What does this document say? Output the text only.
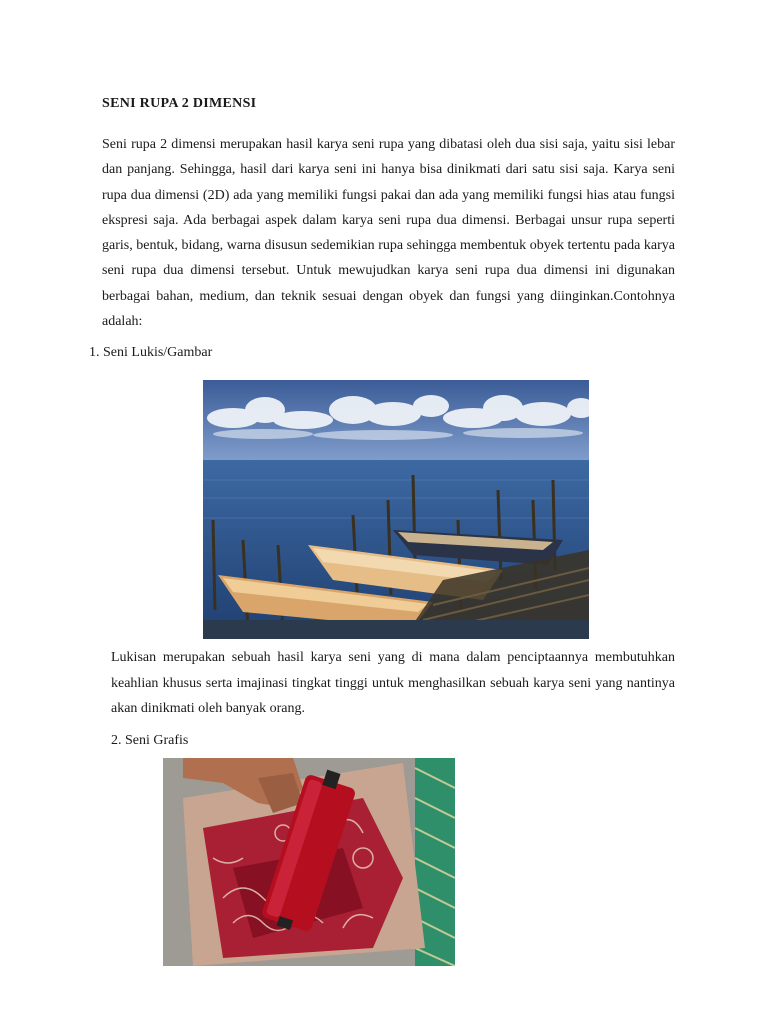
SENI RUPA 2 DIMENSI

Seni rupa 2 dimensi merupakan hasil karya seni rupa yang dibatasi oleh dua sisi saja, yaitu sisi lebar dan panjang. Sehingga, hasil dari karya seni ini hanya bisa dinikmati dari satu sisi saja. Karya seni rupa dua dimensi (2D) ada yang memiliki fungsi pakai dan ada yang memiliki fungsi hias atau fungsi ekspresi saja. Ada berbagai aspek dalam karya seni rupa dua dimensi. Berbagai unsur rupa seperti garis, bentuk, bidang, warna disusun sedemikian rupa sehingga membentuk obyek tertentu pada karya seni rupa dua dimensi tersebut. Untuk mewujudkan karya seni rupa dua dimensi ini digunakan berbagai bahan, medium, dan teknik sesuai dengan obyek dan fungsi yang diinginkan.Contohnya adalah:

1. Seni Lukis/Gambar

Lukisan merupakan sebuah hasil karya seni yang di mana dalam penciptaannya membutuhkan keahlian khusus serta imajinasi tingkat tinggi untuk menghasilkan sebuah karya seni yang nantinya akan dinikmati oleh banyak orang.

2. Seni Grafis
